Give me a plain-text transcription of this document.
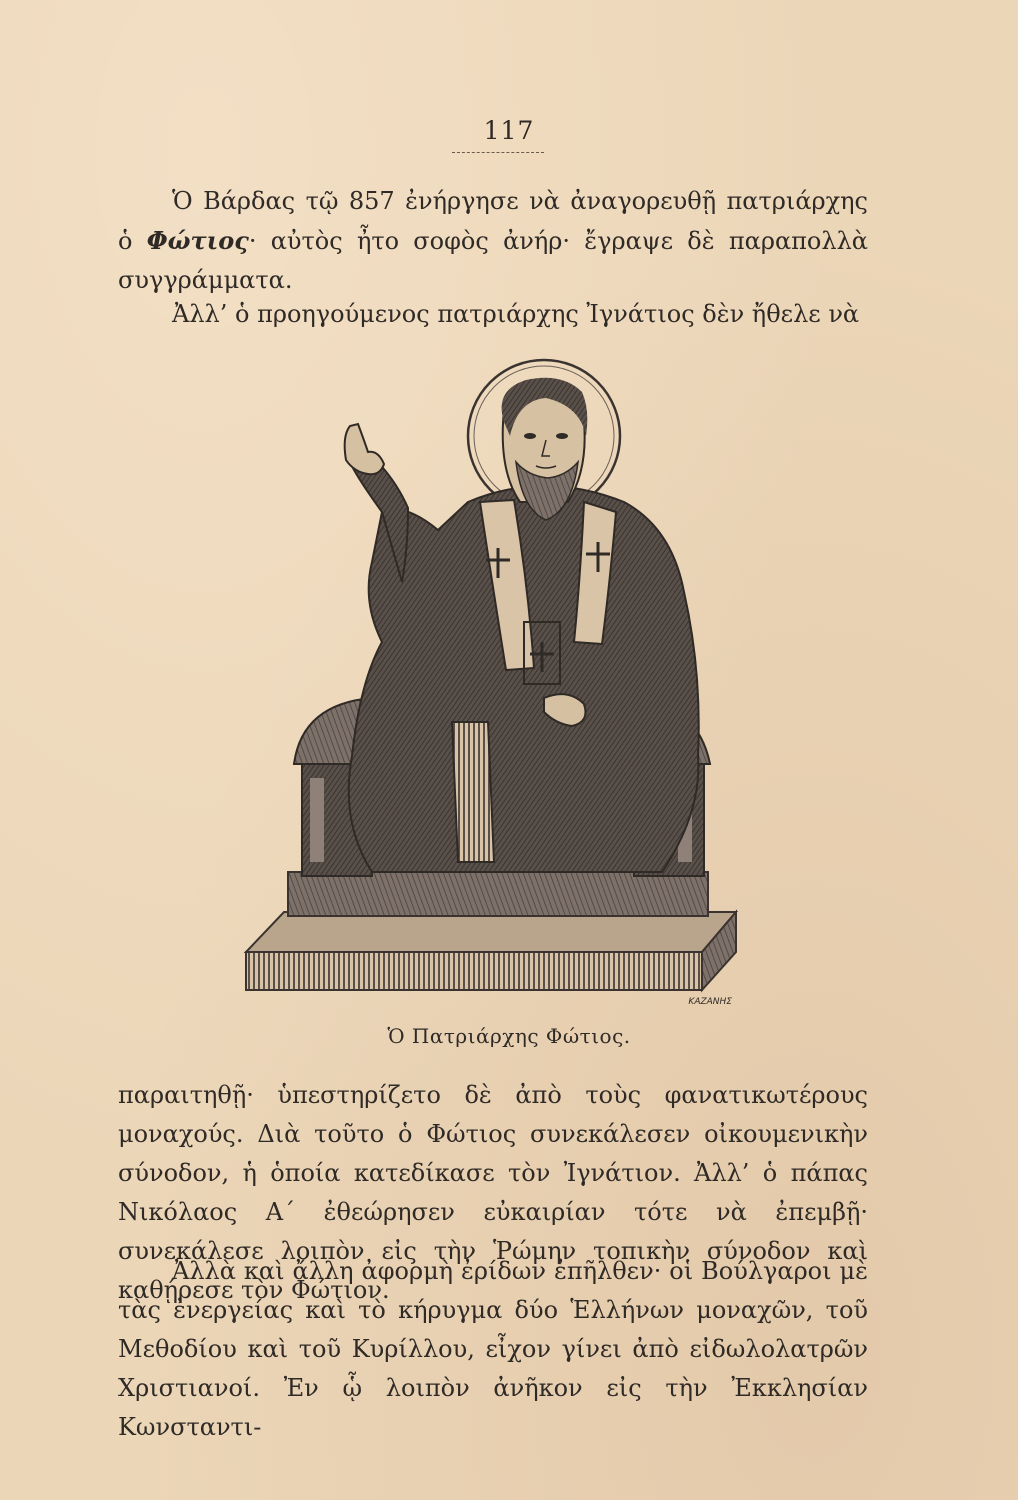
117

Ὁ Βάρδας τῷ 857 ἐνήργησε νὰ ἀναγορευθῇ πατριάρχης ὁ Φώτιος· αὐτὸς ἦτο σοφὸς ἀνήρ· ἔγραψε δὲ παραπολλὰ συγγράμματα.

Ἀλλ’ ὁ προηγούμενος πατριάρχης Ἰγνάτιος δὲν ἤθελε νὰ

ΚΑΖΑΝΗΣ
Ὁ Πατριάρχης Φώτιος.

παραιτηθῇ· ὑπεστηρίζετο δὲ ἀπὸ τοὺς φανατικωτέρους μοναχούς. Διὰ τοῦτο ὁ Φώτιος συνεκάλεσεν οἰκουμενικὴν σύνοδον, ἡ ὁποία κατεδίκασε τὸν Ἰγνάτιον. Ἀλλ’ ὁ πάπας Νικόλαος Α΄ ἐθεώρησεν εὐκαιρίαν τότε νὰ ἐπεμβῇ· συνεκάλεσε λοιπὸν εἰς τὴν Ῥώμην τοπικὴν σύνοδον καὶ καθῄρεσε τὸν Φώτιον.

Ἀλλὰ καὶ ἄλλη ἀφορμὴ ἐρίδων ἐπῆλθεν· οἱ Βούλγαροι μὲ τὰς ἐνεργείας καὶ τὸ κήρυγμα δύο Ἑλλήνων μοναχῶν, τοῦ Μεθοδίου καὶ τοῦ Κυρίλλου, εἶχον γίνει ἀπὸ εἰδωλολατρῶν Χριστιανοί. Ἐν ᾧ λοιπὸν ἀνῆκον εἰς τὴν Ἐκκλησίαν Κωνσταντι-
